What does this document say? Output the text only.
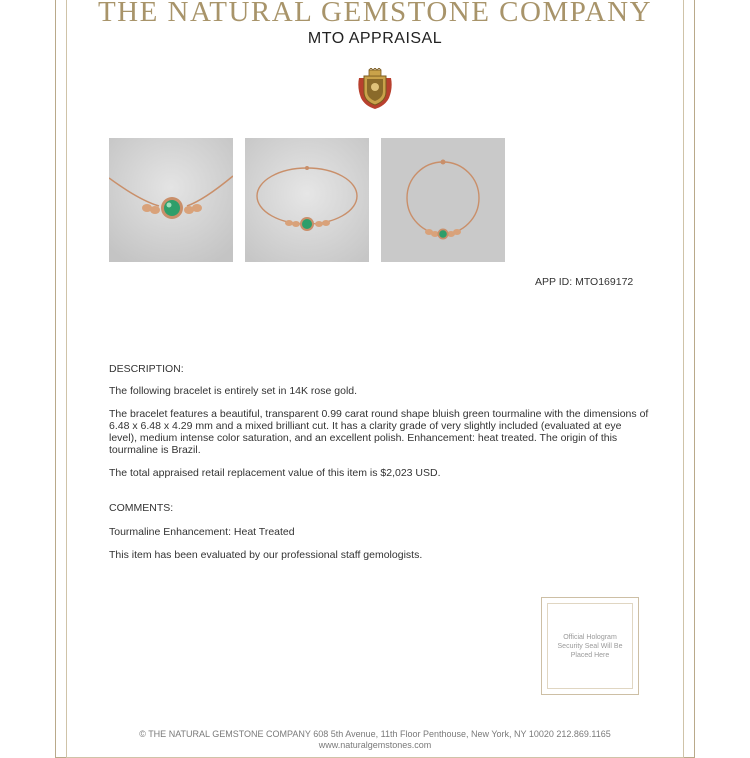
THE NATURAL GEMSTONE COMPANY
MTO APPRAISAL
APP ID: MTO169172
DESCRIPTION:
The following bracelet is entirely set in 14K rose gold.
The bracelet features a beautiful, transparent 0.99 carat round shape bluish green tourmaline with the dimensions of 6.48 x 6.48 x 4.29 mm and a mixed brilliant cut. It has a clarity grade of very slightly included (evaluated at eye level), medium intense color saturation, and an excellent polish. Enhancement: heat treated. The origin of this tourmaline is Brazil.
The total appraised retail replacement value of this item is $2,023 USD.
COMMENTS:
Tourmaline Enhancement: Heat Treated
This item has been evaluated by our professional staff gemologists.
Official Hologram Security Seal Will Be Placed Here
© THE NATURAL GEMSTONE COMPANY 608 5th Avenue, 11th Floor Penthouse, New York, NY 10020 212.869.1165
www.naturalgemstones.com
